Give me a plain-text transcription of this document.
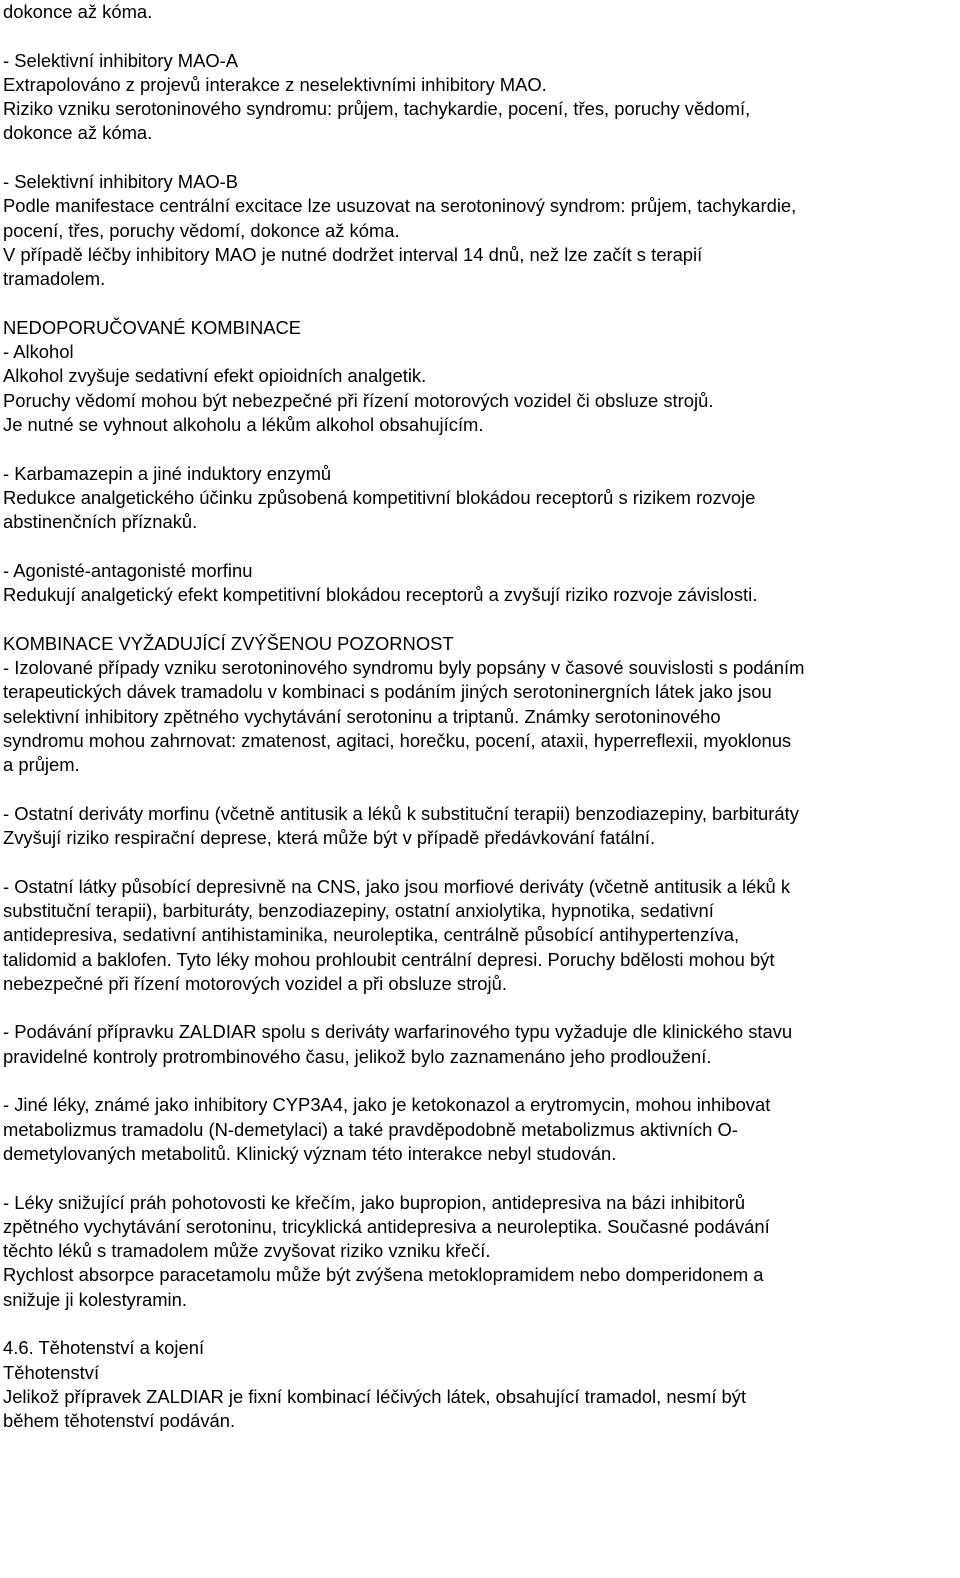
dokonce až kóma.
- Selektivní inhibitory MAO-A
Extrapolováno z projevů interakce z neselektivními inhibitory MAO.
Riziko vzniku serotoninového syndromu: průjem, tachykardie, pocení, třes, poruchy vědomí,
dokonce až kóma.
- Selektivní inhibitory MAO-B
Podle manifestace centrální excitace lze usuzovat na serotoninový syndrom: průjem, tachykardie,
pocení, třes, poruchy vědomí, dokonce až kóma.
V případě léčby inhibitory MAO je nutné dodržet interval 14 dnů, než lze začít s terapií
tramadolem.
NEDOPORUČOVANÉ KOMBINACE
- Alkohol
Alkohol zvyšuje sedativní efekt opioidních analgetik.
Poruchy vědomí mohou být nebezpečné při řízení motorových vozidel či obsluze strojů.
Je nutné se vyhnout alkoholu a lékům alkohol obsahujícím.
- Karbamazepin a jiné induktory enzymů
Redukce analgetického účinku způsobená kompetitivní blokádou receptorů s rizikem rozvoje
abstinenčních příznaků.
- Agonisté-antagonisté morfinu
Redukují analgetický efekt kompetitivní blokádou receptorů a zvyšují riziko rozvoje závislosti.
KOMBINACE VYŽADUJÍCÍ ZVÝŠENOU POZORNOST
- Izolované případy vzniku serotoninového syndromu byly popsány v časové souvislosti s podáním
terapeutických dávek tramadolu v kombinaci s podáním jiných serotoninergních látek jako jsou
selektivní inhibitory zpětného vychytávání serotoninu a triptanů. Známky serotoninového
syndromu mohou zahrnovat: zmatenost, agitaci, horečku, pocení, ataxii, hyperreflexii, myoklonus
a průjem.
- Ostatní deriváty morfinu (včetně antitusik a léků k substituční terapii) benzodiazepiny, barbituráty
Zvyšují riziko respirační deprese, která může být v případě předávkování fatální.
- Ostatní látky působící depresivně na CNS, jako jsou morfiové deriváty (včetně antitusik a léků k
substituční terapii), barbituráty, benzodiazepiny, ostatní anxiolytika, hypnotika, sedativní
antidepresiva, sedativní antihistaminika, neuroleptika, centrálně působící antihypertenzíva,
talidomid a baklofen. Tyto léky mohou prohloubit centrální depresi. Poruchy bdělosti mohou být
nebezpečné při řízení motorových vozidel a při obsluze strojů.
- Podávání přípravku ZALDIAR spolu s deriváty warfarinového typu vyžaduje dle klinického stavu
pravidelné kontroly protrombinového času, jelikož bylo zaznamenáno jeho prodloužení.
- Jiné léky, známé jako inhibitory CYP3A4, jako je ketokonazol a erytromycin, mohou inhibovat
metabolizmus tramadolu (N-demetylaci) a také pravděpodobně metabolizmus aktivních O-
demetylovaných metabolitů. Klinický význam této interakce nebyl studován.
- Léky snižující práh pohotovosti ke křečím, jako bupropion, antidepresiva na bázi inhibitorů
zpětného vychytávání serotoninu, tricyklická antidepresiva a neuroleptika. Současné podávání
těchto léků s tramadolem může zvyšovat riziko vzniku křečí.
Rychlost absorpce paracetamolu může být zvýšena metoklopramidem nebo domperidonem a
snižuje ji kolestyramin.
4.6. Těhotenství a kojení
Těhotenství
Jelikož přípravek ZALDIAR je fixní kombinací léčivých látek, obsahující tramadol, nesmí být
během těhotenství podáván.
